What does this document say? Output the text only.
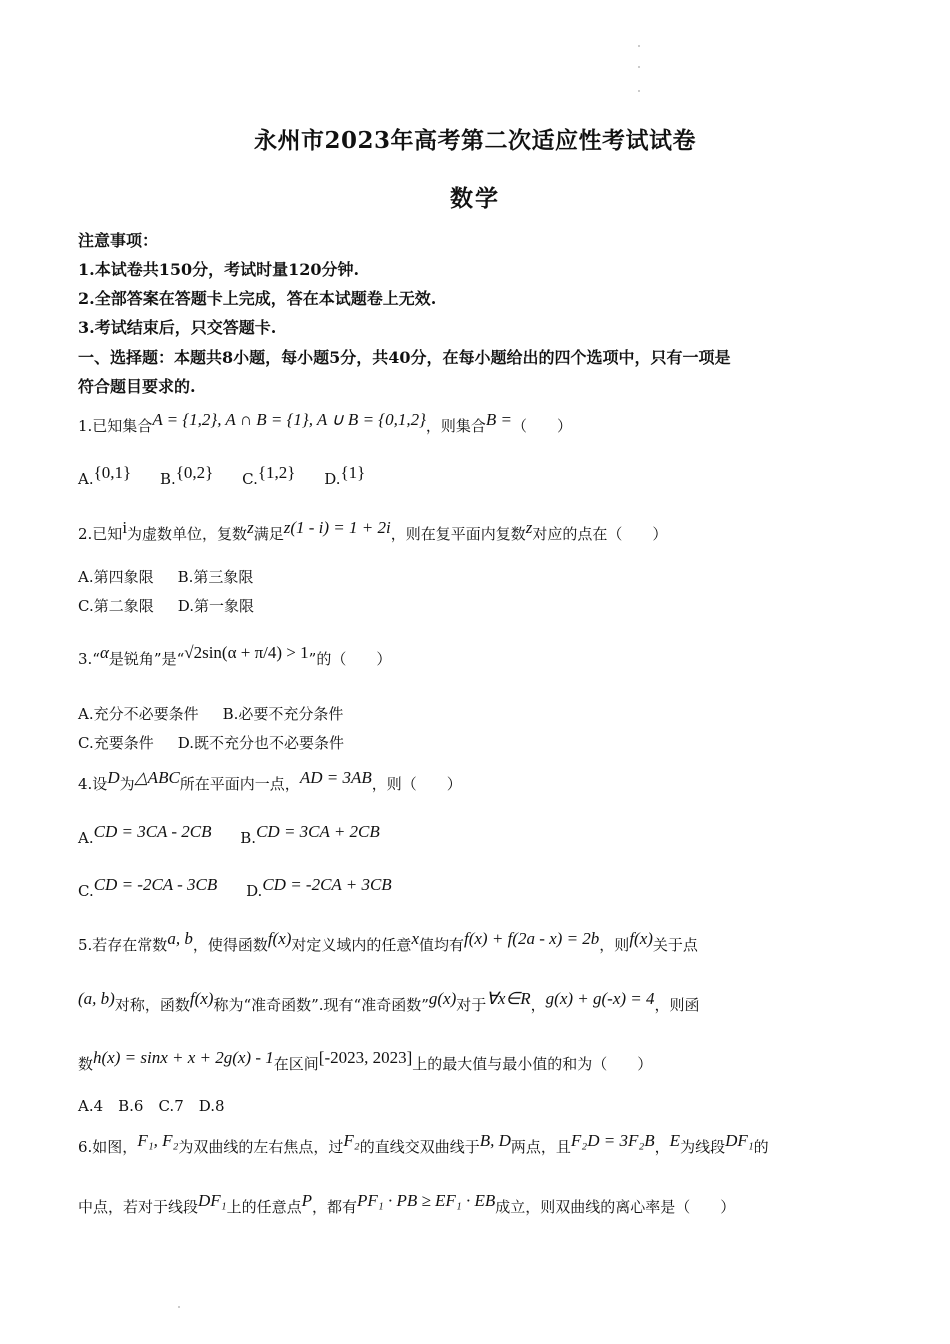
永州市2023年高考第二次适应性考试试卷
数学
注意事项：
1.本试卷共150分，考试时量120分钟.
2.全部答案在答题卡上完成，答在本试题卷上无效.
3.考试结束后，只交答题卡.
一、选择题：本题共8小题，每小题5分，共40分，在每小题给出的四个选项中，只有一项是
符合题目要求的.
1.已知集合A = {1,2}, A ∩ B = {1}, A ∪ B = {0,1,2}，则集合B =（　　）
A.{0,1} B.{0,2} C.{1,2} D.{1}
2.已知i为虚数单位，复数z满足z(1 - i) = 1 + 2i，则在复平面内复数z对应的点在（　　）
A.第四象限 B.第三象限
C.第二象限 D.第一象限
3.“α是锐角”是“√2sin(α + π/4) > 1”的（　　）
A.充分不必要条件 B.必要不充分条件
C.充要条件 D.既不充分也不必要条件
4.设D为△ABC所在平面内一点，AD = 3AB，则（　　）
A.CD = 3CA - 2CB B.CD = 3CA + 2CB
C.CD = -2CA - 3CB D.CD = -2CA + 3CB
5.若存在常数a, b，使得函数f(x)对定义域内的任意x值均有f(x) + f(2a - x) = 2b，则f(x)关于点
(a, b)对称，函数f(x)称为“准奇函数”.现有“准奇函数”g(x)对于∀x∈R，g(x) + g(-x) = 4，则函
数h(x) = sinx + x + 2g(x) - 1在区间[-2023, 2023]上的最大值与最小值的和为（　　）
A.4　B.6　C.7　D.8
6.如图，F₁, F₂为双曲线的左右焦点，过F₂的直线交双曲线于B, D两点，且F₂D = 3F₂B，E为线段DF₁的
中点，若对于线段DF₁上的任意点P，都有PF₁ · PB ≥ EF₁ · EB成立，则双曲线的离心率是（　　）
